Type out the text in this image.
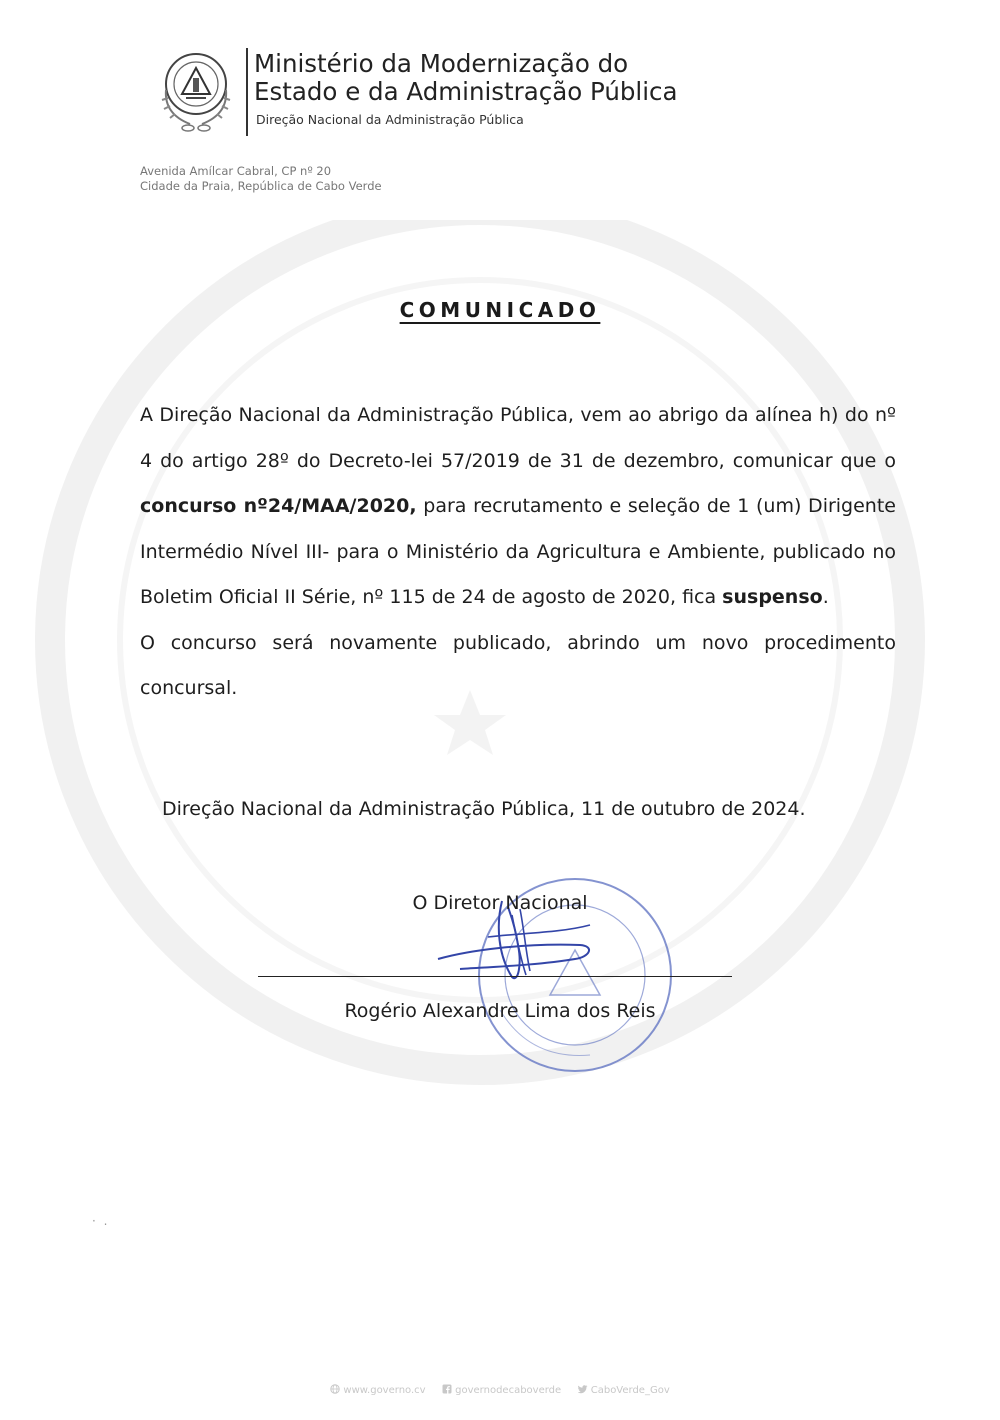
Ministério da Modernização do
Estado e da Administração Pública
Direção Nacional da Administração Pública
Avenida Amílcar Cabral, CP nº 20
Cidade da Praia, República de Cabo Verde
COMUNICADO

A Direção Nacional da Administração Pública, vem ao abrigo da alínea h) do nº 4 do artigo 28º do Decreto-lei 57/2019 de 31 de dezembro, comunicar que o concurso nº24/MAA/2020, para recrutamento e seleção de 1 (um) Dirigente Intermédio Nível III- para o Ministério da Agricultura e Ambiente, publicado no Boletim Oficial II Série, nº 115 de 24 de agosto de 2020, fica suspenso.

O concurso será novamente publicado, abrindo um novo procedimento concursal.

Direção Nacional da Administração Pública, 11 de outubro de 2024.
O Diretor Nacional
Rogério Alexandre Lima dos Reis
· .
www.governo.cv	governodecaboverde	CaboVerde_Gov
